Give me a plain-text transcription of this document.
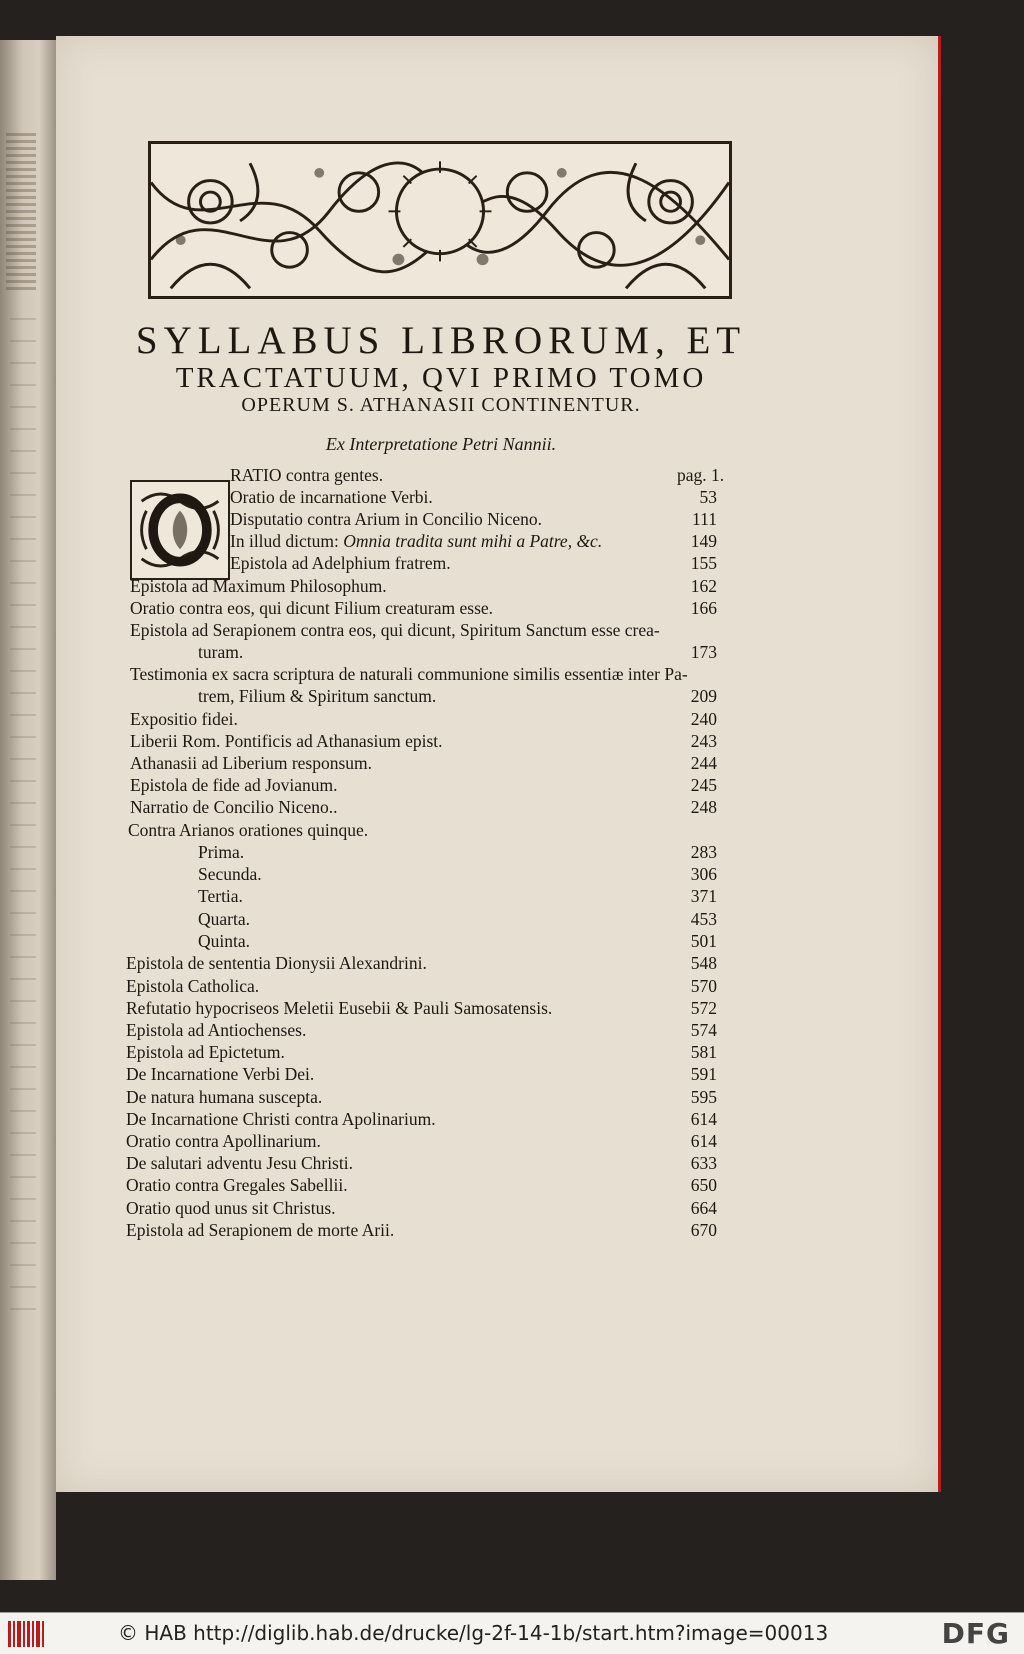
SYLLABUS LIBRORUM, ET
TRACTATUUM, QVI PRIMO TOMO
OPERUM S. ATHANASII CONTINENTUR.
Ex Interpretatione Petri Nannii.
RATIO contra gentes.	pag. 1.
Oratio de incarnatione Verbi.	53
Disputatio contra Arium in Concilio Niceno.	111
In illud dictum: Omnia tradita sunt mihi a Patre, &c.	149
Epistola ad Adelphium fratrem.	155
Epistola ad Maximum Philosophum.	162
Oratio contra eos, qui dicunt Filium creaturam esse.	166
Epistola ad Serapionem contra eos, qui dicunt, Spiritum Sanctum esse crea-
turam.	173
Testimonia ex sacra scriptura de naturali communione similis essentiæ inter Pa-
trem, Filium & Spiritum sanctum.	209
Expositio fidei.	240
Liberii Rom. Pontificis ad Athanasium epist.	243
Athanasii ad Liberium responsum.	244
Epistola de fide ad Jovianum.	245
Narratio de Concilio Niceno..	248
Contra Arianos orationes quinque.
Prima.	283
Secunda.	306
Tertia.	371
Quarta.	453
Quinta.	501
Epistola de sententia Dionysii Alexandrini.	548
Epistola Catholica.	570
Refutatio hypocriseos Meletii Eusebii & Pauli Samosatensis.	572
Epistola ad Antiochenses.	574
Epistola ad Epictetum.	581
De Incarnatione Verbi Dei.	591
De natura humana suscepta.	595
De Incarnatione Christi contra Apolinarium.	614
Oratio contra Apollinarium.	614
De salutari adventu Jesu Christi.	633
Oratio contra Gregales Sabellii.	650
Oratio quod unus sit Christus.	664
Epistola ad Serapionem de morte Arii.	670
© HAB http://diglib.hab.de/drucke/lg-2f-14-1b/start.htm?image=00013	DFG
